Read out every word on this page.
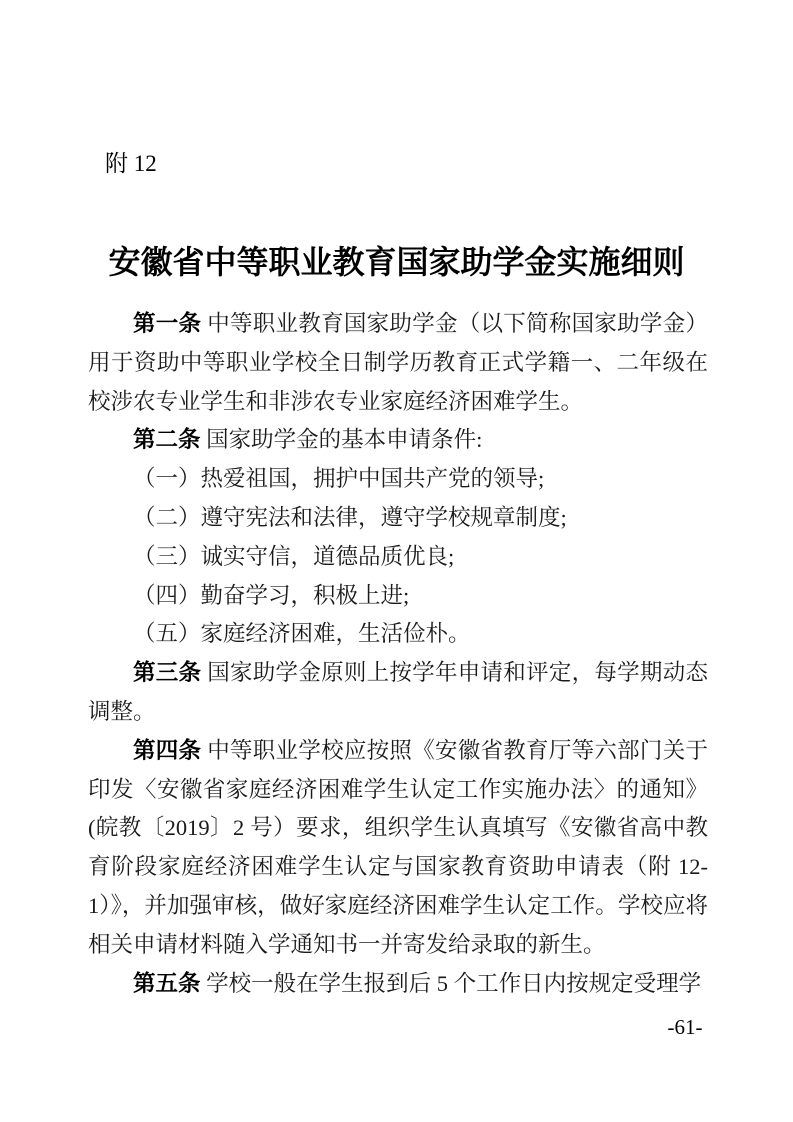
附 12
安徽省中等职业教育国家助学金实施细则

第一条 中等职业教育国家助学金（以下简称国家助学金）用于资助中等职业学校全日制学历教育正式学籍一、二年级在校涉农专业学生和非涉农专业家庭经济困难学生。

第二条 国家助学金的基本申请条件:

（一）热爱祖国，拥护中国共产党的领导;

（二）遵守宪法和法律，遵守学校规章制度;

（三）诚实守信，道德品质优良;

（四）勤奋学习，积极上进;

（五）家庭经济困难，生活俭朴。

第三条 国家助学金原则上按学年申请和评定，每学期动态调整。

第四条 中等职业学校应按照《安徽省教育厅等六部门关于印发〈安徽省家庭经济困难学生认定工作实施办法〉的通知》(皖教〔2019〕2 号）要求，组织学生认真填写《安徽省高中教育阶段家庭经济困难学生认定与国家教育资助申请表（附 12-1）》，并加强审核，做好家庭经济困难学生认定工作。学校应将相关申请材料随入学通知书一并寄发给录取的新生。

第五条 学校一般在学生报到后 5 个工作日内按规定受理学

-61-
